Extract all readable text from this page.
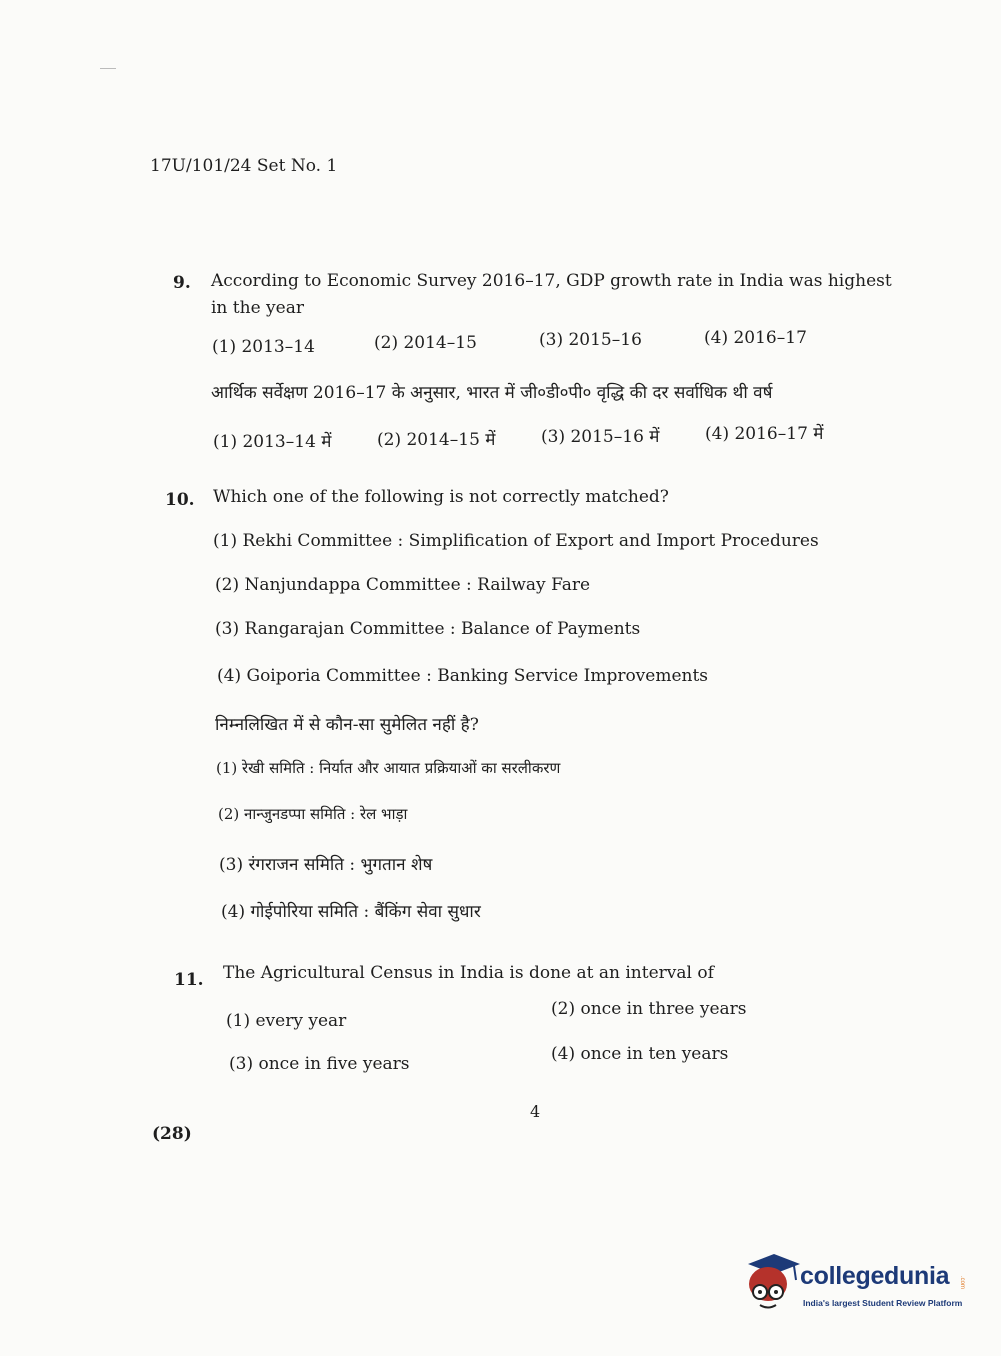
17U/101/24 Set No. 1
9. According to Economic Survey 2016–17, GDP growth rate in India was highest in the year
(1) 2013–14	(2) 2014–15	(3) 2015–16	(4) 2016–17
आर्थिक सर्वेक्षण 2016–17 के अनुसार, भारत में जी०डी०पी० वृद्धि की दर सर्वाधिक थी वर्ष
(1) 2013–14 में	(2) 2014–15 में	(3) 2015–16 में	(4) 2016–17 में
10. Which one of the following is not correctly matched?
(1) Rekhi Committee : Simplification of Export and Import Procedures
(2) Nanjundappa Committee : Railway Fare
(3) Rangarajan Committee : Balance of Payments
(4) Goiporia Committee : Banking Service Improvements
निम्नलिखित में से कौन-सा सुमेलित नहीं है?
(1) रेखी समिति : निर्यात और आयात प्रक्रियाओं का सरलीकरण
(2) नान्जुनडप्पा समिति : रेल भाड़ा
(3) रंगराजन समिति : भुगतान शेष
(4) गोईपोरिया समिति : बैंकिंग सेवा सुधार
11. The Agricultural Census in India is done at an interval of
(1) every year
(2) once in three years
(3) once in five years	(4) once in ten years
4
(28)
collegedunia .com
India's largest Student Review Platform
